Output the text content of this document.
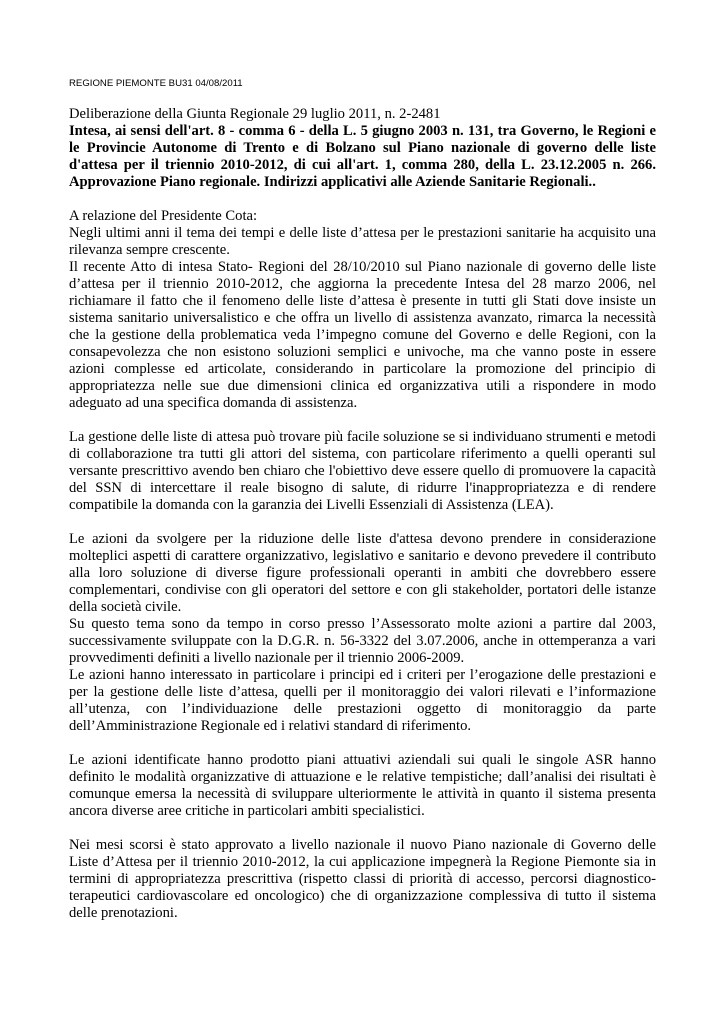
REGIONE PIEMONTE BU31 04/08/2011
Deliberazione della Giunta Regionale 29 luglio 2011, n. 2-2481
Intesa, ai sensi dell'art. 8 - comma 6 - della L. 5 giugno 2003 n. 131, tra Governo, le Regioni e
le Provincie Autonome di Trento e di Bolzano sul Piano nazionale di governo delle liste
d'attesa per il triennio 2010-2012, di cui all'art. 1, comma 280, della L. 23.12.2005 n. 266.
Approvazione Piano regionale. Indirizzi applicativi alle Aziende Sanitarie Regionali..
A relazione del Presidente Cota:
Negli ultimi anni il tema dei tempi e delle liste d’attesa per le prestazioni sanitarie ha acquisito una
rilevanza sempre crescente.
Il recente Atto di intesa Stato- Regioni del 28/10/2010 sul Piano nazionale di governo delle liste
d’attesa per il triennio 2010-2012, che aggiorna la precedente Intesa del 28 marzo 2006, nel
richiamare il fatto che il fenomeno delle liste d’attesa è presente in tutti gli Stati dove insiste un
sistema sanitario universalistico e che offra un livello di assistenza avanzato, rimarca la necessità
che la gestione della problematica veda l’impegno comune del Governo e delle Regioni, con la
consapevolezza che non esistono soluzioni semplici e univoche, ma che vanno poste in essere
azioni complesse ed articolate, considerando in particolare la promozione del principio di
appropriatezza nelle sue due dimensioni clinica ed organizzativa utili a rispondere in modo
adeguato ad una specifica domanda di assistenza.
La gestione delle liste di attesa può trovare più facile soluzione se si individuano strumenti e metodi
di collaborazione tra tutti gli attori del sistema, con particolare riferimento a quelli operanti sul
versante prescrittivo avendo ben chiaro che l'obiettivo deve essere quello di promuovere la capacità
del SSN di intercettare il reale bisogno di salute, di ridurre l'inappropriatezza e di rendere
compatibile la domanda con la garanzia dei Livelli Essenziali di Assistenza (LEA).
Le azioni da svolgere per la riduzione delle liste d'attesa devono prendere in considerazione
molteplici aspetti di carattere organizzativo, legislativo e sanitario e devono prevedere il contributo
alla loro soluzione di diverse figure professionali operanti in ambiti che dovrebbero essere
complementari, condivise con gli operatori del settore e con gli stakeholder, portatori delle istanze
della società civile.
Su questo tema sono da tempo in corso presso l’Assessorato molte azioni a partire dal 2003,
successivamente sviluppate con la D.G.R. n. 56-3322 del 3.07.2006, anche in ottemperanza a vari
provvedimenti definiti a livello nazionale per il triennio 2006-2009.
Le azioni hanno interessato in particolare i principi ed i criteri per l’erogazione delle prestazioni e
per la gestione delle liste d’attesa, quelli per il monitoraggio dei valori rilevati e l’informazione
all’utenza, con l’individuazione delle prestazioni oggetto di monitoraggio da parte
dell’Amministrazione Regionale ed i relativi standard di riferimento.
Le azioni identificate hanno prodotto piani attuativi aziendali sui quali le singole ASR hanno
definito le modalità organizzative di attuazione e le relative tempistiche; dall’analisi dei risultati è
comunque emersa la necessità di sviluppare ulteriormente le attività in quanto il sistema presenta
ancora diverse aree critiche in particolari ambiti specialistici.
Nei mesi scorsi è stato approvato a livello nazionale il nuovo Piano nazionale di Governo delle
Liste d’Attesa per il triennio 2010-2012, la cui applicazione impegnerà la Regione Piemonte sia in
termini di appropriatezza prescrittiva (rispetto classi di priorità di accesso, percorsi diagnostico-
terapeutici cardiovascolare ed oncologico) che di organizzazione complessiva di tutto il sistema
delle prenotazioni.
